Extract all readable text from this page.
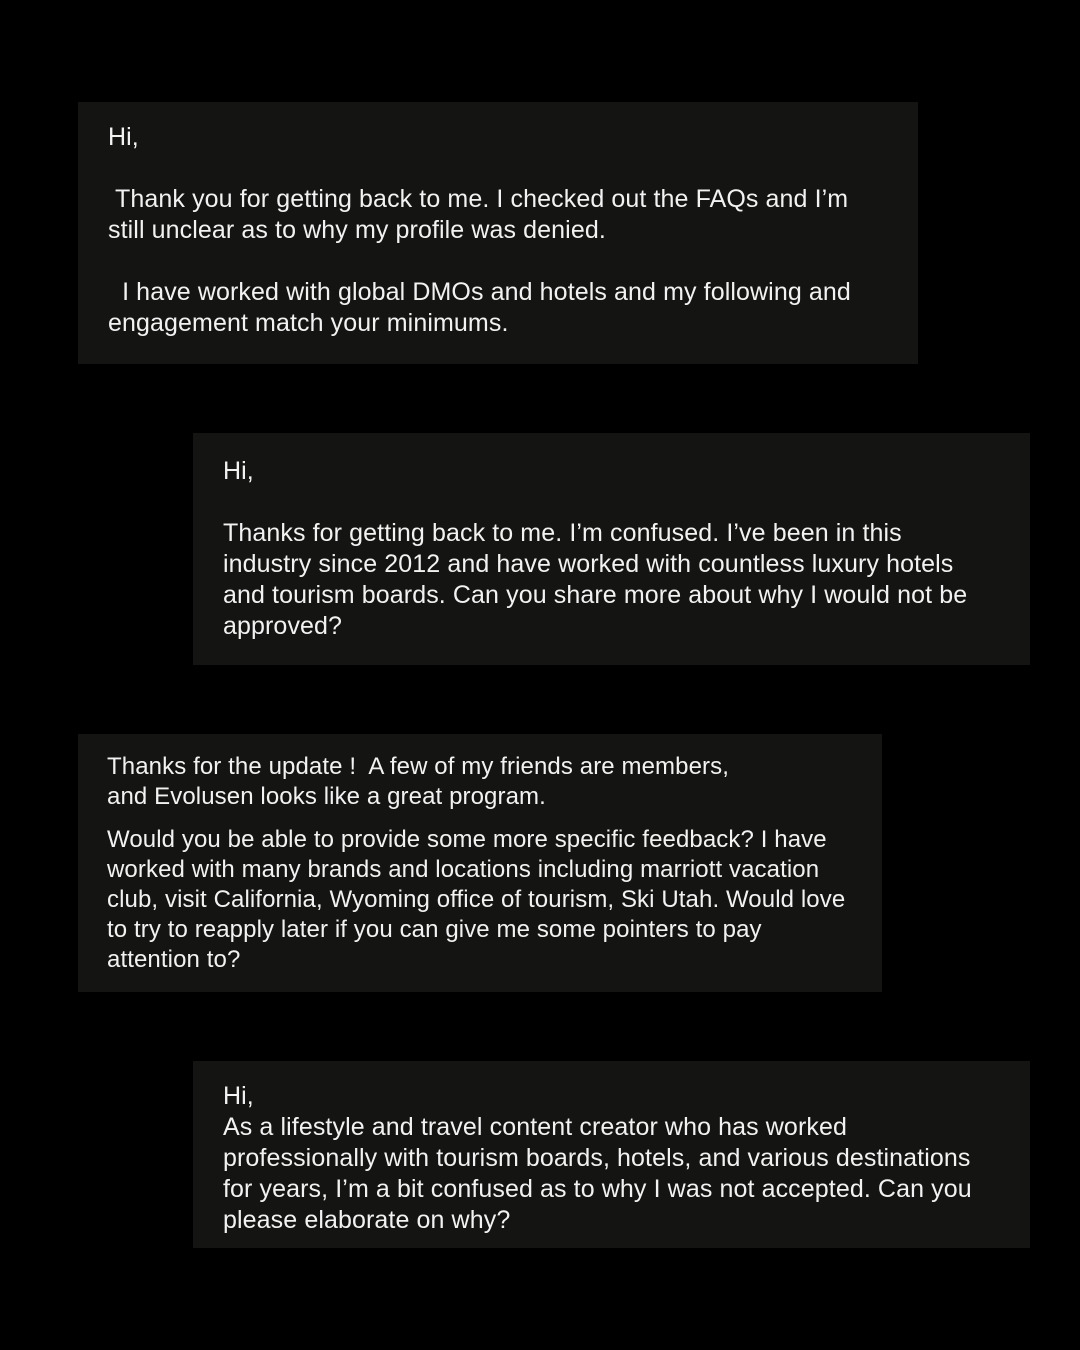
Hi,

Thank you for getting back to me. I checked out the FAQs and I’m
still unclear as to why my profile was denied.

I have worked with global DMOs and hotels and my following and
engagement match your minimums.

Hi,

Thanks for getting back to me. I’m confused. I’ve been in this
industry since 2012 and have worked with countless luxury hotels
and tourism boards. Can you share more about why I would not be
approved?

Thanks for the update !  A few of my friends are members,
and Evolusen looks like a great program.

Would you be able to provide some more specific feedback? I have
worked with many brands and locations including marriott vacation
club, visit California, Wyoming office of tourism, Ski Utah. Would love
to try to reapply later if you can give me some pointers to pay
attention to?

Hi,

As a lifestyle and travel content creator who has worked
professionally with tourism boards, hotels, and various destinations
for years, I’m a bit confused as to why I was not accepted. Can you
please elaborate on why?
